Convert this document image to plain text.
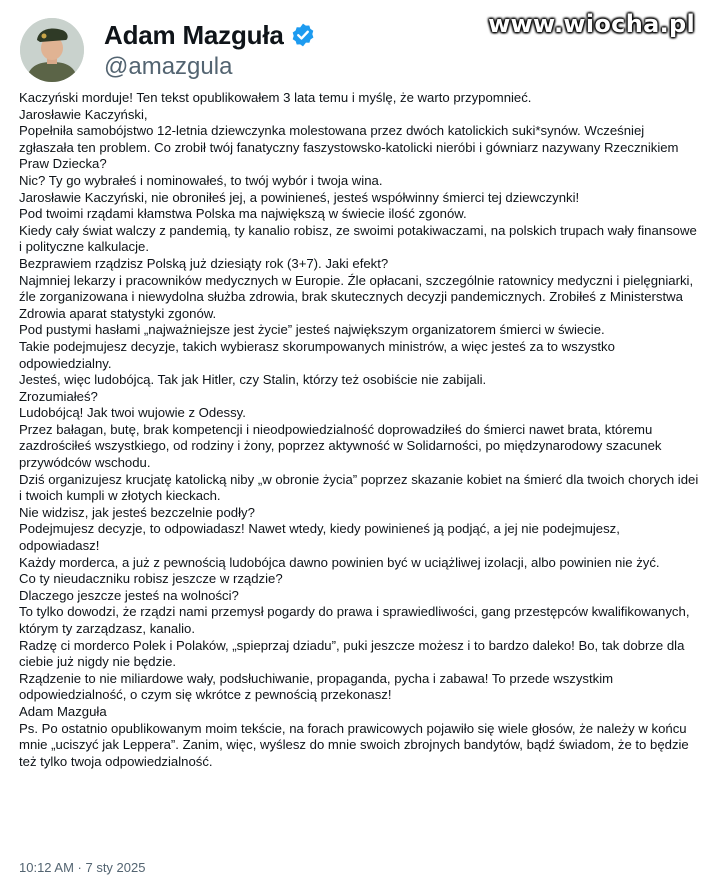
Adam Mazguła
@amazgula
www.wiocha.pl

Kaczyński morduje! Ten tekst opublikowałem 3 lata temu i myślę, że warto przypomnieć.

Jarosławie Kaczyński,

Popełniła samobójstwo 12-letnia dziewczynka molestowana przez dwóch katolickich suki*synów. Wcześniej zgłaszała ten problem. Co zrobił twój fanatyczny faszystowsko-katolicki nieróbi i gówniarz nazywany Rzecznikiem Praw Dziecka?

Nic? Ty go wybrałeś i nominowałeś, to twój wybór i twoja wina.

Jarosławie Kaczyński, nie obroniłeś jej, a powinieneś, jesteś współwinny śmierci tej dziewczynki!

Pod twoimi rządami kłamstwa Polska ma największą w świecie ilość zgonów.

Kiedy cały świat walczy z pandemią, ty kanalio robisz, ze swoimi potakiwaczami, na polskich trupach wały finansowe i polityczne kalkulacje.

Bezprawiem rządzisz Polską już dziesiąty rok (3+7). Jaki efekt?

Najmniej lekarzy i pracowników medycznych w Europie. Źle opłacani, szczególnie ratownicy medyczni i pielęgniarki, źle zorganizowana i niewydolna służba zdrowia, brak skutecznych decyzji pandemicznych. Zrobiłeś z Ministerstwa Zdrowia aparat statystyki zgonów.

Pod pustymi hasłami „najważniejsze jest życie” jesteś największym organizatorem śmierci w świecie.

Takie podejmujesz decyzje, takich wybierasz skorumpowanych ministrów, a więc jesteś za to wszystko odpowiedzialny.

Jesteś, więc ludobójcą. Tak jak Hitler, czy Stalin, którzy też osobiście nie zabijali.

Zrozumiałeś?

Ludobójcą! Jak twoi wujowie z Odessy.

Przez bałagan, butę, brak kompetencji i nieodpowiedzialność doprowadziłeś do śmierci nawet brata, któremu zazdrościłeś wszystkiego, od rodziny i żony, poprzez aktywność w Solidarności, po międzynarodowy szacunek przywódców wschodu.

Dziś organizujesz krucjatę katolicką niby „w obronie życia” poprzez skazanie kobiet na śmierć dla twoich chorych idei i twoich kumpli w złotych kieckach.

Nie widzisz, jak jesteś bezczelnie podły?

Podejmujesz decyzje, to odpowiadasz! Nawet wtedy, kiedy powinieneś ją podjąć, a jej nie podejmujesz, odpowiadasz!

Każdy morderca, a już z pewnością ludobójca dawno powinien być w uciążliwej izolacji, albo powinien nie żyć.

Co ty nieudaczniku robisz jeszcze w rządzie?

Dlaczego jeszcze jesteś na wolności?

To tylko dowodzi, że rządzi nami przemysł pogardy do prawa i sprawiedliwości, gang przestępców kwalifikowanych, którym ty zarządzasz, kanalio.

Radzę ci morderco Polek i Polaków, „spieprzaj dziadu”, puki jeszcze możesz i to bardzo daleko! Bo, tak dobrze dla ciebie już nigdy nie będzie.

Rządzenie to nie miliardowe wały, podsłuchiwanie, propaganda, pycha i zabawa! To przede wszystkim odpowiedzialność, o czym się wkrótce z pewnością przekonasz!

Adam Mazguła

Ps. Po ostatnio opublikowanym moim tekście, na forach prawicowych pojawiło się wiele głosów, że należy w końcu mnie „uciszyć jak Leppera”. Zanim, więc, wyślesz do mnie swoich zbrojnych bandytów, bądź świadom, że to będzie też tylko twoja odpowiedzialność.

10:12 AM · 7 sty 2025
